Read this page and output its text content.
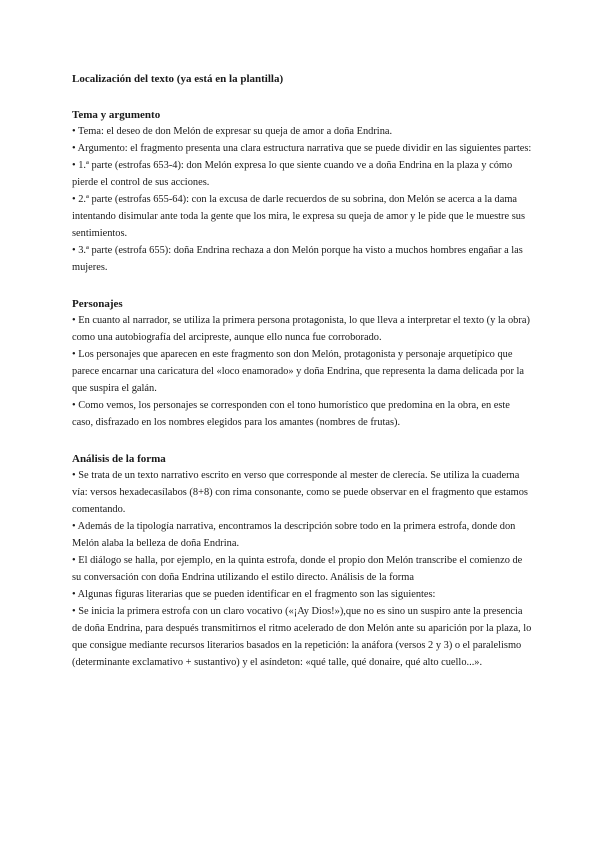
Localización del texto (ya está en la plantilla)

Tema y argumento

• Tema: el deseo de don Melón de expresar su queja de amor a doña Endrina.

• Argumento: el fragmento presenta una clara estructura narrativa que se puede dividir en las siguientes partes:

• 1.ª parte (estrofas 653-4): don Melón expresa lo que siente cuando ve a doña Endrina en la plaza y cómo pierde el control de sus acciones.

• 2.ª parte (estrofas 655-64): con la excusa de darle recuerdos de su sobrina, don Melón se acerca a la dama intentando disimular ante toda la gente que los mira, le expresa su queja de amor y le pide que le muestre sus sentimientos.

• 3.ª parte (estrofa 655): doña Endrina rechaza a don Melón porque ha visto a muchos hombres engañar a las mujeres.

Personajes

• En cuanto al narrador, se utiliza la primera persona protagonista, lo que lleva a interpretar el texto (y la obra) como una autobiografía del arcipreste, aunque ello nunca fue corroborado.

• Los personajes que aparecen en este fragmento son don Melón, protagonista y personaje arquetípico que parece encarnar una caricatura del «loco enamorado» y doña Endrina, que representa la dama delicada por la que suspira el galán.

• Como vemos, los personajes se corresponden con el tono humorístico que predomina en la obra, en este caso, disfrazado en los nombres elegidos para los amantes (nombres de frutas).

Análisis de la forma

• Se trata de un texto narrativo escrito en verso que corresponde al mester de clerecía. Se utiliza la cuaderna vía: versos hexadecasílabos (8+8) con rima consonante, como se puede observar en el fragmento que estamos comentando.

• Además de la tipología narrativa, encontramos la descripción sobre todo en la primera estrofa, donde don Melón alaba la belleza de doña Endrina.

• El diálogo se halla, por ejemplo, en la quinta estrofa, donde el propio don Melón transcribe el comienzo de su conversación con doña Endrina utilizando el estilo directo. Análisis de la forma

• Algunas figuras literarias que se pueden identificar en el fragmento son las siguientes:

• Se inicia la primera estrofa con un claro vocativo («¡Ay Dios!»),que no es sino un suspiro ante la presencia de doña Endrina, para después transmitirnos el ritmo acelerado de don Melón ante su aparición por la plaza, lo que consigue mediante recursos literarios basados en la repetición: la anáfora (versos 2 y 3) o el paralelismo (determinante exclamativo + sustantivo) y el asíndeton: «qué talle, qué donaire, qué alto cuello...».
